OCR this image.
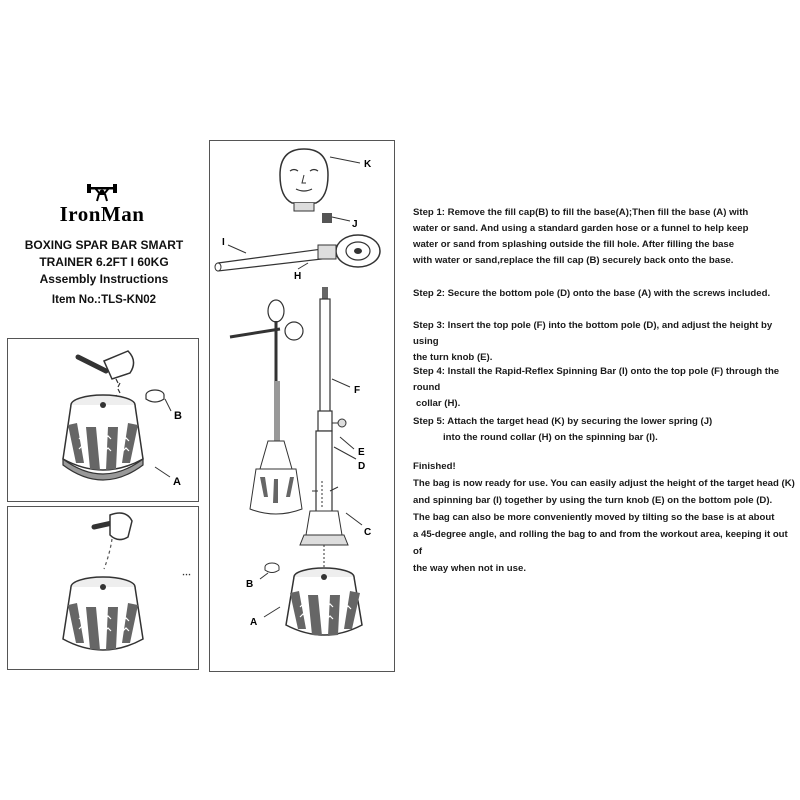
IronMan
BOXING SPAR BAR SMART
TRAINER 6.2FT I 60KG
Assembly Instructions
Item No.:TLS-KN02
B
A
⋯
K
J
I
H
F
E
D
C
B
A
Step 1: Remove the fill cap(B) to fill the base(A);Then fill the base (A) with
water or sand. And using a standard garden hose or a funnel to help keep
water or sand from splashing outside the fill hole. After filling the base
with water or sand,replace the fill cap (B) securely back onto the base.
Step 2: Secure the bottom pole (D) onto the base (A) with the screws included.
Step 3: Insert the top pole (F) into the bottom pole (D), and adjust the height by using
the turn knob (E).
Step 4: Install the Rapid-Reflex Spinning Bar (I) onto the top pole (F) through the round
collar (H).
Step 5: Attach the target head (K) by securing the lower spring (J)
into the round collar (H) on the spinning bar (I).
Finished!
The bag is now ready for use. You can easily adjust the height of the target head (K)
and spinning bar (I) together by using the turn knob (E) on the bottom pole (D).
The bag can also be more conveniently moved by tilting so the base is at about
a 45-degree angle, and rolling the bag to and from the workout area, keeping it out of
the way when not in use.
